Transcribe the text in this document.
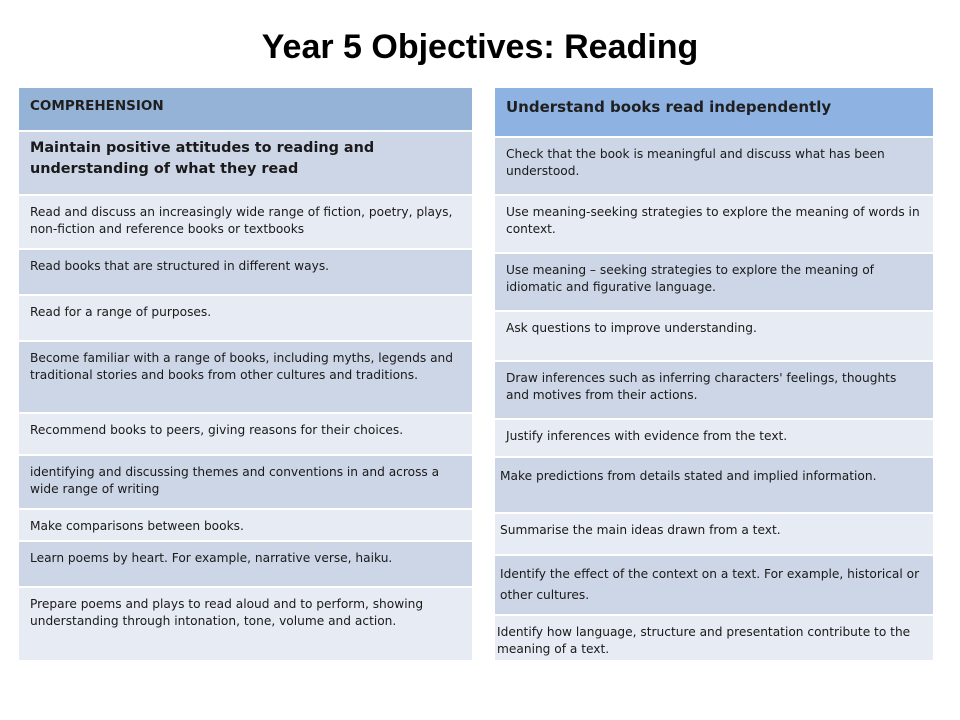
Year 5 Objectives: Reading
COMPREHENSION
Maintain positive attitudes to reading and understanding of what they read
Read and discuss an increasingly wide range of fiction, poetry, plays, non-fiction and reference books or textbooks
Read books that are structured in different ways.
Read for a range of purposes.
Become familiar with a range of books, including myths, legends and traditional stories and books from other cultures and traditions.
Recommend books to peers, giving reasons for their choices.
identifying and discussing themes and conventions in and across a wide range of writing
Make comparisons between books.
Learn poems by heart. For example, narrative verse, haiku.
Prepare poems and plays to read aloud and to perform, showing understanding through intonation, tone, volume and action.
Understand books read independently
Check that the book is meaningful and discuss what has been understood.
Use meaning-seeking strategies to explore the meaning of words in context.
Use meaning – seeking strategies to explore the meaning of idiomatic and figurative language.
Ask questions to improve understanding.
Draw inferences such as inferring characters' feelings, thoughts and motives from their actions.
Justify inferences with evidence from the text.
Make predictions from details stated and implied information.
Summarise the main ideas drawn from a text.
Identify the effect of the context on a text. For example, historical or other cultures.
Identify how language, structure and presentation contribute to the meaning of a text.
